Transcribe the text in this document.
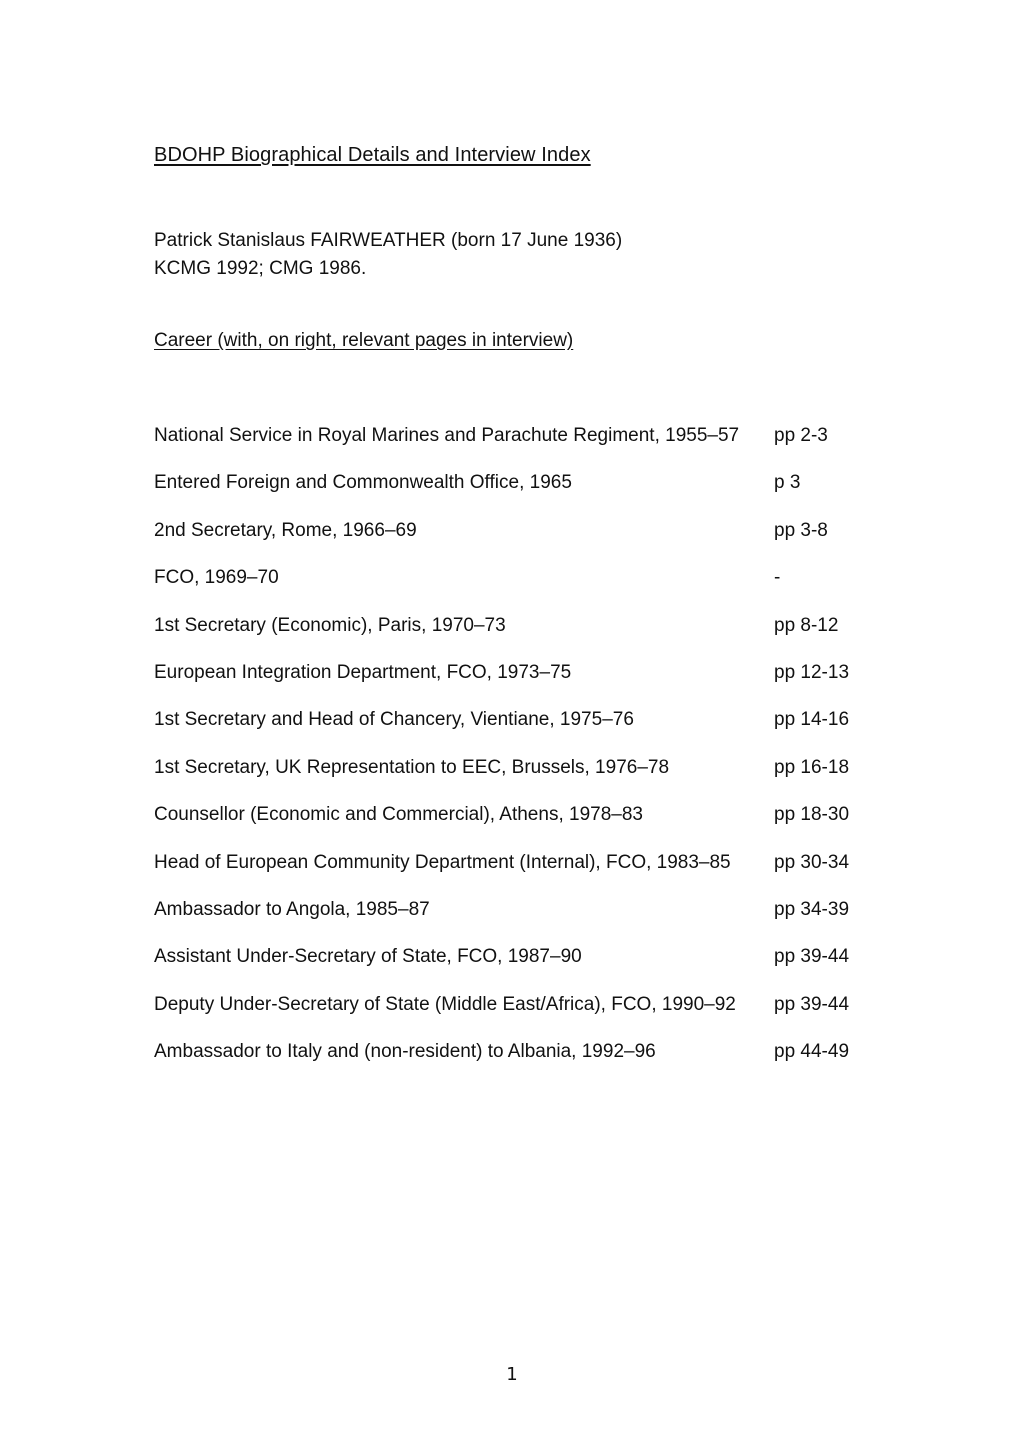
BDOHP Biographical Details and Interview Index
Patrick Stanislaus FAIRWEATHER (born 17 June 1936)
KCMG 1992; CMG 1986.
Career (with, on right, relevant pages in interview)
National Service in Royal Marines and Parachute Regiment, 1955–57 pp 2-3
Entered Foreign and Commonwealth Office, 1965	p 3
2nd Secretary, Rome, 1966–69	pp 3-8
FCO, 1969–70	-
1st Secretary (Economic), Paris, 1970–73	pp 8-12
European Integration Department, FCO, 1973–75	pp 12-13
1st Secretary and Head of Chancery, Vientiane, 1975–76	pp 14-16
1st Secretary, UK Representation to EEC, Brussels, 1976–78	pp 16-18
Counsellor (Economic and Commercial), Athens, 1978–83	pp 18-30
Head of European Community Department (Internal), FCO, 1983–85 pp 30-34
Ambassador to Angola, 1985–87	pp 34-39
Assistant Under-Secretary of State, FCO, 1987–90	pp 39-44
Deputy Under-Secretary of State (Middle East/Africa), FCO, 1990–92 pp 39-44
Ambassador to Italy and (non-resident) to Albania, 1992–96	pp 44-49
1
